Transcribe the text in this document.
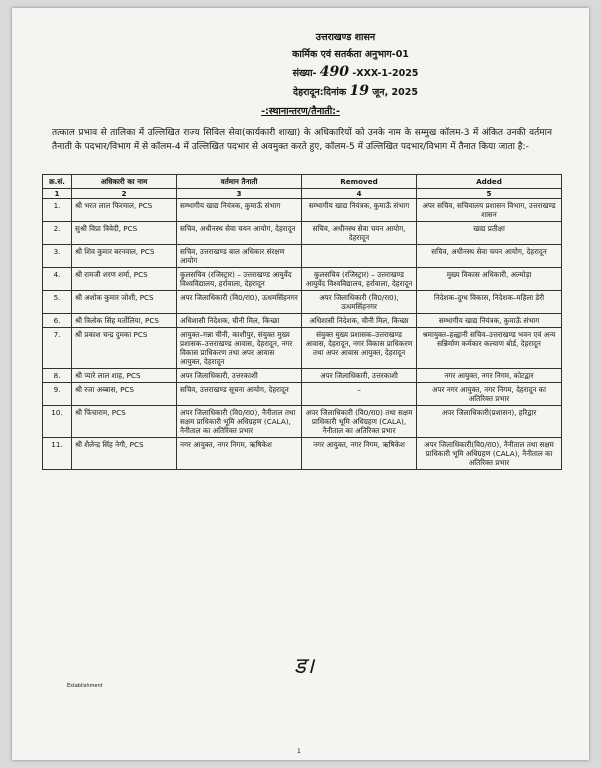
उत्तराखण्ड शासन
कार्मिक एवं सतर्कता अनुभाग-01
संख्या- 490 -XXX-1-2025
देहरादून:दिनांक 19 जून, 2025
-:स्थानान्तरण/तैनाती:-
तत्काल प्रभाव से तालिका में उल्लिखित राज्य सिविल सेवा(कार्यकारी शाखा) के अधिकारियों को उनके नाम के सम्मुख कॉलम-3 में अंकित उनकी वर्तमान तैनाती के पदभार/विभाग में से कॉलम-4 में उल्लिखित पदभार से अवमुक्त करते हुए, कॉलम-5 में उल्लिखित पदभार/विभाग में तैनात किया जाता है:-
क्र.सं.	अधिकारी का नाम	वर्तमान तैनाती	Removed	Added
1	2	3	4	5
1.	श्री भरत लाल फिरमाल, PCS	सम्भागीय खाद्य नियंत्रक, कुमाऊँ संभाग	सम्भागीय खाद्य नियंत्रक, कुमाऊँ संभाग	अपर सचिव, सचिवालय प्रशासन विभाग, उत्तराखण्ड शासन
2.	सुश्री विप्रा त्रिवेदी, PCS	सचिव, अधीनस्थ सेवा चयन आयोग, देहरादून	सचिव, अधीनस्थ सेवा चयन आयोग, देहरादून	खाद्य प्रतीक्षा
3.	श्री शिव कुमार बरनवाल, PCS	सचिव, उत्तराखण्ड बाल अधिकार संरक्षण आयोग		सचिव, अधीनस्थ सेवा चयन आयोग, देहरादून
4.	श्री रामजी शरण शर्मा, PCS	कुलसचिव (रजिस्ट्रार) – उत्तराखण्ड आयुर्वेद विश्वविद्यालय, हर्रावाला, देहरादून	कुलसचिव (रजिस्ट्रार) – उत्तराखण्ड आयुर्वेद विश्वविद्यालय, हर्रावाला, देहरादून	मुख्य विकास अधिकारी, अल्मोड़ा
5.	श्री अशोक कुमार जोशी, PCS	अपर जिलाधिकारी (वि0/रा0), ऊधमसिंहनगर	अपर जिलाधिकारी (वि0/रा0), ऊधमसिंहनगर	निदेशक–दुग्ध विकास, निदेशक–महिला डेरी
6.	श्री त्रिलोक सिंह मर्तोलिया, PCS	अधिशासी निदेशक, चीनी मिल, किच्छा	अधिशासी निदेशक, चीनी मिल, किच्छा	सम्भागीय खाद्य नियंत्रक, कुमाऊँ संभाग
7.	श्री प्रकाश चन्द्र दुमका PCS	आयुक्त–गन्ना चीनी, काशीपुर, संयुक्त मुख्य प्रशासक–उत्तराखण्ड आवास, देहरादून, नगर विकास प्राधिकरण तथा अपर आवास आयुक्त, देहरादून	संयुक्त मुख्य प्रशासक–उत्तराखण्ड आवास, देहरादून, नगर विकास प्राधिकरण तथा अपर आवास आयुक्त, देहरादून	श्रमायुक्त–हल्द्वानी सचिव–उत्तराखण्ड भवन एवं अन्य सन्निर्माण कर्मकार कल्याण बोर्ड, देहरादून
8.	श्री प्यारे लाल शाह, PCS	अपर जिलाधिकारी, उत्तरकाशी	अपर जिलाधिकारी, उत्तरकाशी	नगर आयुक्त, नगर निगम, कोटद्वार
9.	श्री रजा अब्बास, PCS	सचिव, उत्तराखण्ड सूचना आयोग, देहरादून	–	अपर नगर आयुक्त, नगर निगम, देहरादून का अतिरिक्त प्रभार
10.	श्री फिंचाराम, PCS	अपर जिलाधिकारी (वि0/रा0), नैनीताल तथा सक्षम प्राधिकारी भूमि अधिग्रहण (CALA), नैनीताल का अतिरिक्त प्रभार	अपर जिलाधिकारी (वि0/रा0) तथा सक्षम प्राधिकारी भूमि अधिग्रहण (CALA), नैनीताल का अतिरिक्त प्रभार	अपर जिलाधिकारी(प्रशासन), हरिद्वार
11.	श्री शैलेन्द्र सिंह नेगी, PCS	नगर आयुक्त, नगर निगम, ऋषिकेश	नगर आयुक्त, नगर निगम, ऋषिकेश	अपर जिलाधिकारी(वि0/रा0), नैनीताल तथा सक्षम प्राधिकारी भूमि अधिग्रहण (CALA), नैनीताल का अतिरिक्त प्रभार
ड।
Establishment
1
